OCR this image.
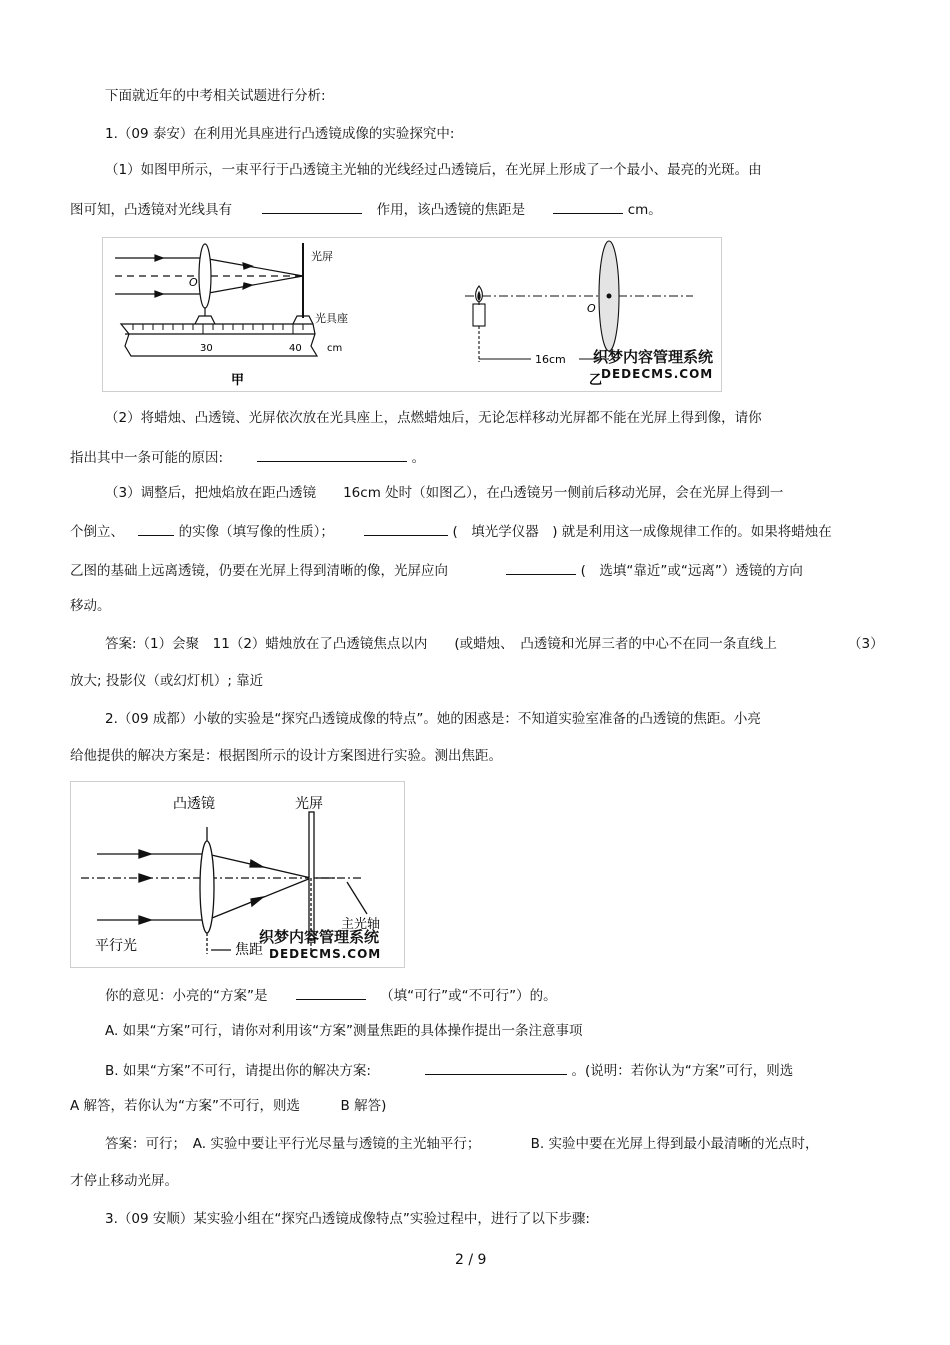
下面就近年的中考相关试题进行分析:
1.（09 泰安）在利用光具座进行凸透镜成像的实验探究中:
（1）如图甲所示，一束平行于凸透镜主光轴的光线经过凸透镜后，在光屏上形成了一个最小、最亮的光斑。由
图可知，凸透镜对光线具有	作用，该凸透镜的焦距是	cm。
光屏
O
光具座
30	40	cm
甲
O
16cm
乙
织梦内容管理系统
DEDECMS.COM
（2）将蜡烛、凸透镜、光屏依次放在光具座上，点燃蜡烛后，无论怎样移动光屏都不能在光屏上得到像，请你
指出其中一条可能的原因:	。
（3）调整后，把烛焰放在距凸透镜　　16cm 处时（如图乙），在凸透镜另一侧前后移动光屏，会在光屏上得到一
个倒立、	的实像（填写像的性质）；	(　填光学仪器　) 就是利用这一成像规律工作的。如果将蜡烛在
乙图的基础上远离透镜，仍要在光屏上得到清晰的像，光屏应向	(　选填“靠近”或“远离”）透镜的方向
移动。
答案:（1）会聚　11（2）蜡烛放在了凸透镜焦点以内　　(或蜡烛、　凸透镜和光屏三者的中心不在同一条直线上	（3）
放大; 投影仪（或幻灯机）; 靠近
2.（09 成都）小敏的实验是“探究凸透镜成像的特点”。她的困惑是：不知道实验室准备的凸透镜的焦距。小亮
给他提供的解决方案是：根据图所示的设计方案图进行实验。测出焦距。
凸透镜	光屏
平行光	焦距
主光轴
织梦内容管理系统
DEDECMS.COM
你的意见：小亮的“方案”是	（填“可行”或“不可行”）的。
A. 如果“方案”可行，请你对利用该“方案”测量焦距的具体操作提出一条注意事项
B. 如果“方案”不可行，请提出你的解决方案:	。(说明：若你认为“方案”可行，则选
A 解答，若你认为“方案”不可行，则选　　　B 解答)
答案：可行；　A. 实验中要让平行光尽量与透镜的主光轴平行；	B. 实验中要在光屏上得到最小最清晰的光点时，
才停止移动光屏。
3.（09 安顺）某实验小组在“探究凸透镜成像特点”实验过程中，进行了以下步骤:
2 / 9
